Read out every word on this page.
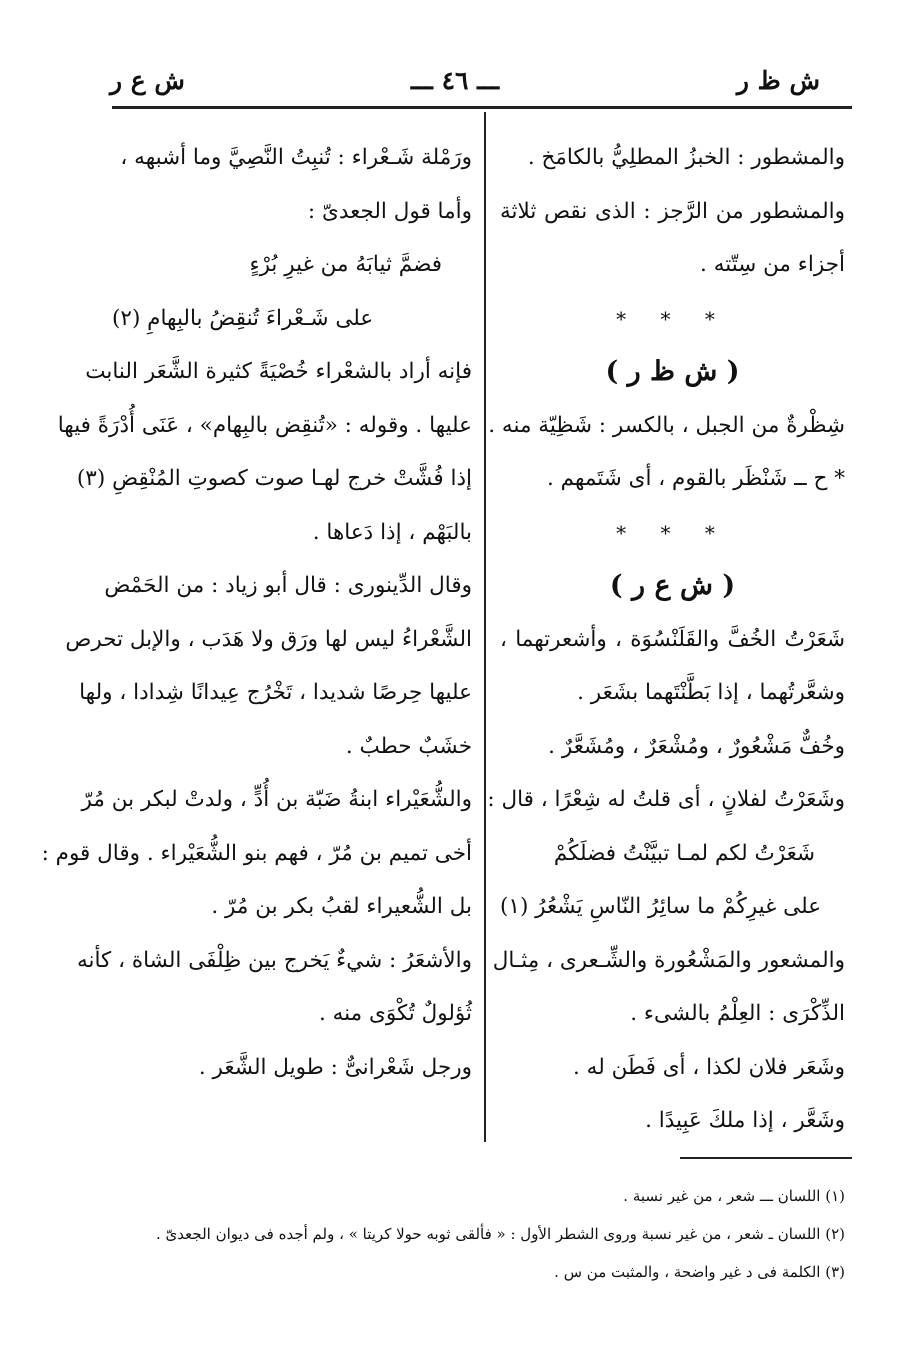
ش ظ ر
ـــ ٤٦ ـــ
ش ع ر
والمشطور : الخبزُ المطلِيُّ بالكامَخ .
والمشطور من الرَّجز : الذى نقص ثلاثة
أجزاء من سِتّته .
* * *
( ش ظ ر )
شِظْرةٌ من الجبل ، بالكسر : شَظِيّة منه .
* ح ــ شَنْظَر بالقوم ، أى شَتَمهم .
* * *
( ش ع ر )
شَعَرْتُ الخُفَّ والقَلَنْسُوَة ، وأشعرتهما ،
وشعَّرتُهما ، إذا بَطَّنْتَهما بشَعَر .
وخُفٌّ مَشْعُورٌ ، ومُشْعَرٌ ، ومُشَعَّرٌ .
وشَعَرْتُ لفلانٍ ، أى قلتُ له شِعْرًا ، قال :
شَعَرْتُ لكم لمـا تبيَّنْتُ فضلَكُمْ
على غيرِكُمْ ما سائِرُ النّاسِ يَشْعُرُ (١)
والمشعور والمَشْعُورة والشِّـعرى ، مِثـال
الذِّكْرَى : العِلْمُ بالشىء .
وشَعَر فلان لكذا ، أى فَطَن له .
وشَعَّر ، إذا ملكَ عَبِيدًا .
ورَمْلة شَـعْراء : تُنبِتُ النَّصِيَّ وما أشبهه ،
وأما قول الجعدىّ :
فضمَّ ثيابَهُ من غيرِ بُرْءٍ
على شَـعْراءَ تُنقِضُ بالبِهامِ (٢)
فإنه أراد بالشعْراء خُصْيَةً كثيرة الشَّعَر النابت
عليها . وقوله : «تُنقِض بالبِهام» ، عَنَى أُدْرَةً فيها
إذا فُشَّتْ خرج لهـا صوت كصوتِ المُنْقِضِ (٣)
بالبَهْم ، إذا دَعاها .
وقال الدِّينورى : قال أبو زياد : من الحَمْض
الشَّعْراءُ ليس لها ورَق ولا هَدَب ، والإبل تحرص
عليها حِرصًا شديدا ، تَخْرُج عِيدانًا شِدادا ، ولها
خشَبٌ حطبٌ .
والشُّعَيْراء ابنةُ ضَبّة بن أُدٍّ ، ولدتْ لبكر بن مُرّ
أخى تميم بن مُرّ ، فهم بنو الشُّعَيْراء . وقال قوم :
بل الشُّعيراء لقبُ بكر بن مُرّ .
والأشعَرُ : شيءٌ يَخرج بين ظِلْفَى الشاة ، كأنه
ثُؤلولٌ تُكْوَى منه .
ورجل شَعْرانىٌّ : طويل الشَّعَر .
(١) اللسان ـــ شعر ، من غير نسبة .
(٢) اللسان ـ شعر ، من غير نسبة وروى الشطر الأول : « فألقى ثوبه حولا كريتا » ، ولم أجده فى ديوان الجعدىّ .
(٣) الكلمة فى د غير واضحة ، والمثبت من س .
